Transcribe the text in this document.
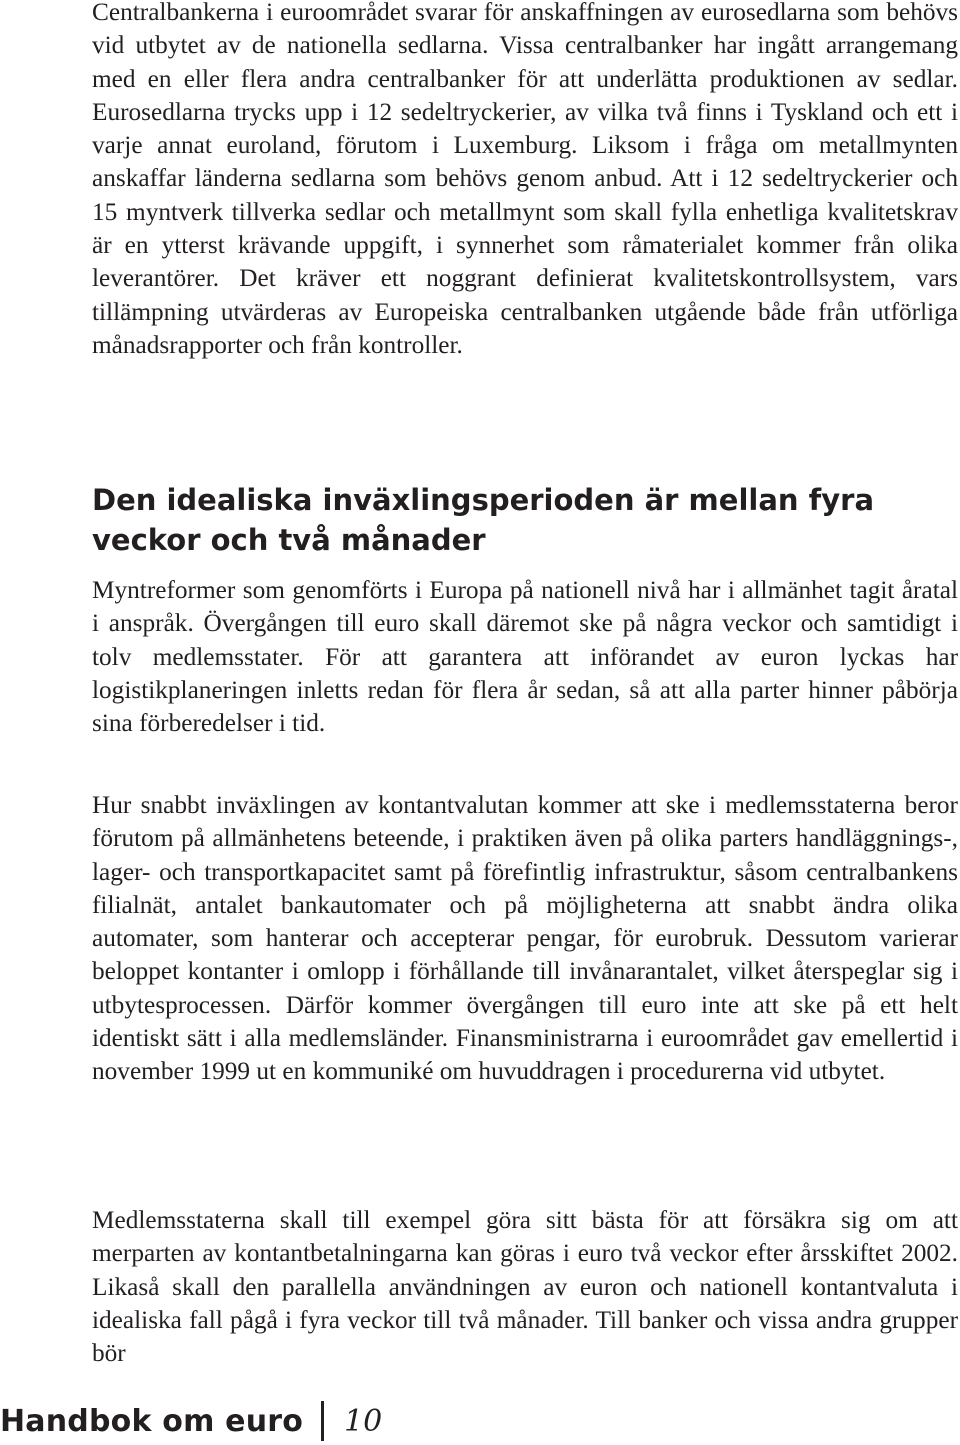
Centralbankerna i euroområdet svarar för anskaffningen av eurosedlarna som behövs vid utbytet av de nationella sedlarna. Vissa centralbanker har ingått arrangemang med en eller flera andra centralbanker för att underlätta produktionen av sedlar. Eurosedlarna trycks upp i 12 sedeltryckerier, av vilka två finns i Tyskland och ett i varje annat euroland, förutom i Luxemburg. Liksom i fråga om metallmynten anskaffar länderna sedlarna som behövs genom anbud. Att i 12 sedeltryckerier och 15 myntverk tillverka sedlar och metallmynt som skall fylla enhetliga kvalitetskrav är en ytterst krävande uppgift, i synnerhet som råmaterialet kommer från olika leverantörer. Det kräver ett noggrant definierat kvalitetskontrollsystem, vars tillämpning utvärderas av Europeiska centralbanken utgående både från utförliga månadsrapporter och från kontroller.

Den idealiska inväxlingsperioden är mellan fyra veckor och två månader

Myntreformer som genomförts i Europa på nationell nivå har i allmänhet tagit åratal i anspråk. Övergången till euro skall däremot ske på några veckor och samtidigt i tolv medlemsstater. För att garantera att införandet av euron lyckas har logistikplaneringen inletts redan för flera år sedan, så att alla parter hinner påbörja sina förberedelser i tid.

Hur snabbt inväxlingen av kontantvalutan kommer att ske i medlemsstaterna beror förutom på allmänhetens beteende, i praktiken även på olika parters handläggnings-, lager- och transportkapacitet samt på förefintlig infrastruktur, såsom centralbankens filialnät, antalet bankautomater och på möjligheterna att snabbt ändra olika automater, som hanterar och accepterar pengar, för eurobruk. Dessutom varierar beloppet kontanter i omlopp i förhållande till invånarantalet, vilket återspeglar sig i utbytesprocessen. Därför kommer övergången till euro inte att ske på ett helt identiskt sätt i alla medlemsländer. Finansministrarna i euroområdet gav emellertid i november 1999 ut en kommuniké om huvuddragen i procedurerna vid utbytet.

Medlemsstaterna skall till exempel göra sitt bästa för att försäkra sig om att merparten av kontantbetalningarna kan göras i euro två veckor efter årsskiftet 2002. Likaså skall den parallella användningen av euron och nationell kontantvaluta i idealiska fall pågå i fyra veckor till två månader. Till banker och vissa andra grupper bör

Handbok om euro 10
